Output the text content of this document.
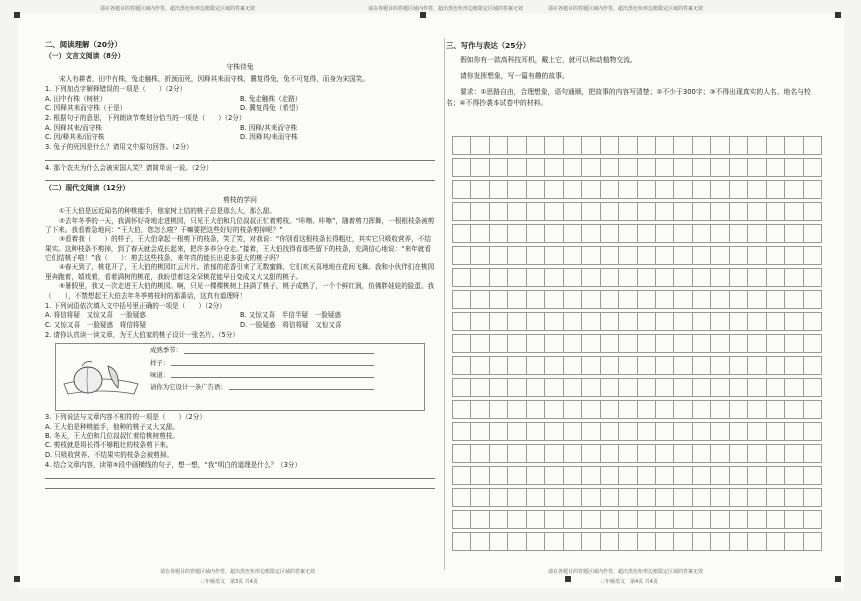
请在各题目的答题区域内作答，超出黑色矩形边框限定区域的答案无效	请在各题目的答题区域内作答，超出黑色矩形边框限定区域的答案无效	请在各题目的答题区域内作答，超出黑色矩形边框限定区域的答案无效
二、阅读理解（20分）
（一）文言文阅读（8分）
守株待兔
宋人有耕者，田中有株，兔走触株，折颈而死，因释其耒而守株，冀复得兔，兔不可复得，而身为宋国笑。
1. 下列加点字解释错误的一项是（　　）（2分）
A. 田中有株（树桩）	B. 兔走触株（走路）
C. 因释其耒而守株（于是）	D. 冀复得兔（希望）
2. 根据句子的意思，下列朗读节奏划分恰当的一项是（　　）（2分）
A. 因释其耒/而守株	B. 因释/其耒而守株
C. 因/释其耒/而守株	D. 因释其/耒而守株
3. 兔子的死因是什么？请用文中原句回答。（2分）
4. 那个农夫为什么会被宋国人笑？请简单说一说。（2分）
（二）现代文阅读（12分）
剪枝的学问
①王大伯是远近闻名的种桃能手，他家树上结的桃子总是那么大，那么甜。
②去年冬季的一天，我满怀好奇地走进桃园，只见王大伯和几位叔叔正忙着剪枝。“咔嚓、咔嚓”，随着剪刀挥舞，一根根枝条被剪了下来。我看着急地问：“王大伯，您怎么啦？干嘛要把这些好好的枝条剪掉呢？”
③看着我（　　）的样子，王大伯拿起一根剪下的枝条，笑了笑，对我说：“你别看这根枝条长得粗壮，其实它只吸收营养，不结果实。这种枝条不剪掉，到了春天就会成长起来，把许多养分夺走。”接着，王大伯找得看那些留下的枝条，充满信心地说：“来年就看它们结桃子啦！”我（　　）：剪去这些枝条，来年真的能长出更多更大的桃子吗？
④春天到了，桃花开了，王大伯的桃园红云片片。浓郁的花香引来了无数蜜蜂，它们欢天喜地地在花间飞舞。我和小伙伴们在桃园里奔跑着，嬉戏着，看着满树的桃花，我盼望着这朵朵桃花能早日变成又大又甜的桃子。
⑤暑假里，我又一次走进王大伯的桃园。啊，只见一棵棵桃树上挂满了桃子，桃子成熟了，一个个鲜红润，仿佛胖娃娃的脸蛋。我（　　），不禁想起王大伯去年冬季剪枝时的那番话，这真有道理呀！
1. 下列词语依次填入文中括号里正确的一项是（　　）（2分）
A. 将信将疑　又惊又喜　一脸疑惑	B. 又惊又喜　半信半疑　一脸疑惑
C. 又惊又喜　一脸疑惑　将信将疑	D. 一脸疑惑　将信将疑　又惊又喜
2. 请你认真读一读文章，为王大伯家的桃子设计一张名片。（5分）
成熟季节：
样子：
味道：
请你为它设计一条广告语：
3. 下列说法与文章内容不相符的一项是（　　）（2分）
A. 王大伯是种桃能手，他种的桃子又大又甜。
B. 冬天，王大伯和几位叔叔忙着给桃树剪枝。
C. 剪枝就是将长得不够粗壮的枝条剪下来。
D. 只吸收营养、不结果实的枝条会被剪掉。
4. 结合文章内容，读第⑤段中画横线的句子，想一想，“我”明白的道理是什么？（3分）
三、写作与表达（25分）
假如你有一款高科技耳机，戴上它，就可以和动植物交流。
请你发挥想象，写一篇有趣的故事。
要求：①思路自由，合理想象，语句通顺，把故事的内容写清楚；②不少于300字；③不得出现真实的人名、地名与校名；④不得抄袭本试卷中的材料。
请在各题目的答题区域内作答，超出黑色矩形边框限定区域的答案无效	请在各题目的答题区域内作答，超出黑色矩形边框限定区域的答案无效
三年级语文　第3页 共4页	三年级语文　第4页 共4页
